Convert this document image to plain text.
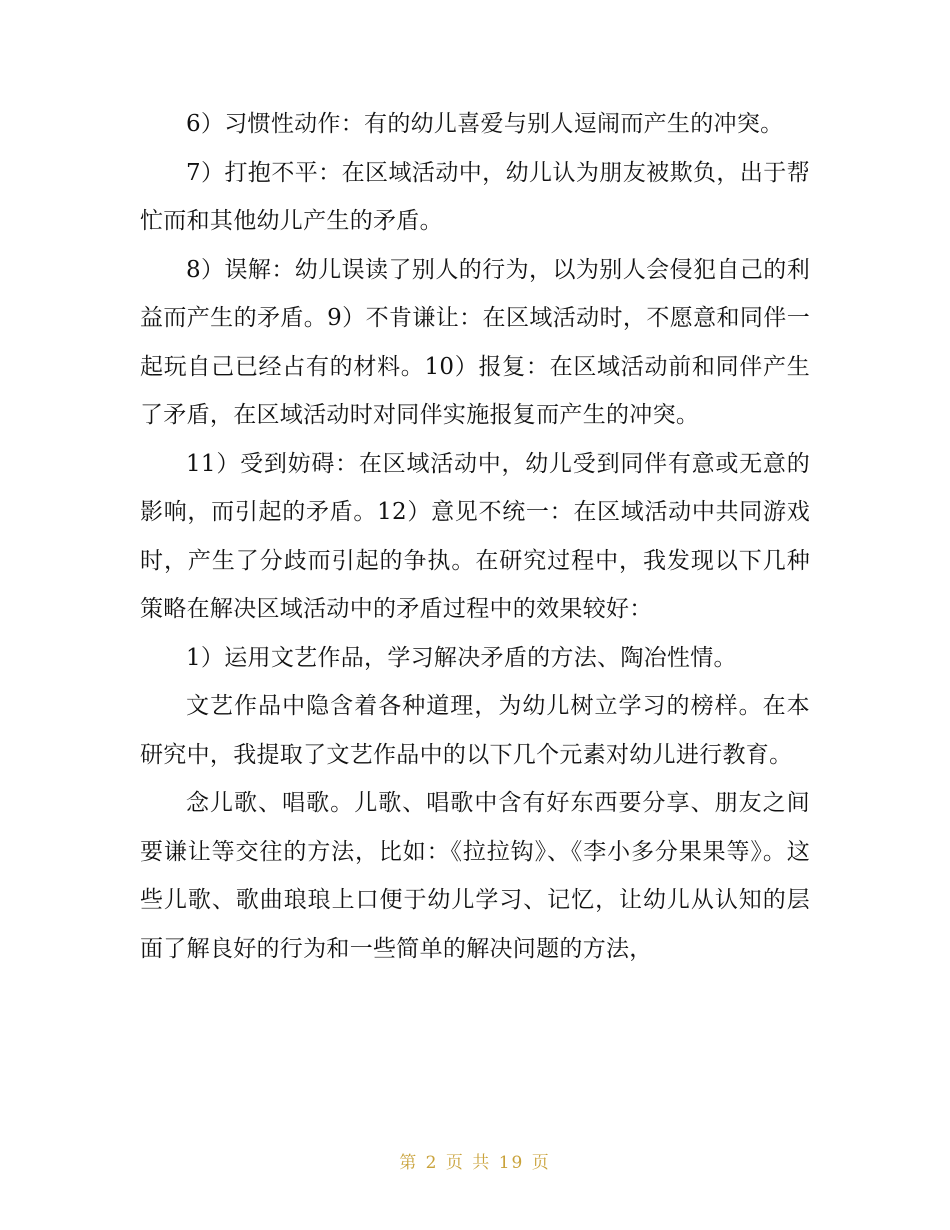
6）习惯性动作：有的幼儿喜爱与别人逗闹而产生的冲突。

7）打抱不平：在区域活动中，幼儿认为朋友被欺负，出于帮忙而和其他幼儿产生的矛盾。

8）误解：幼儿误读了别人的行为，以为别人会侵犯自己的利益而产生的矛盾。9）不肯谦让：在区域活动时，不愿意和同伴一起玩自己已经占有的材料。10）报复：在区域活动前和同伴产生了矛盾，在区域活动时对同伴实施报复而产生的冲突。

11）受到妨碍：在区域活动中，幼儿受到同伴有意或无意的影响，而引起的矛盾。12）意见不统一：在区域活动中共同游戏时，产生了分歧而引起的争执。在研究过程中，我发现以下几种策略在解决区域活动中的矛盾过程中的效果较好：

1）运用文艺作品，学习解决矛盾的方法、陶冶性情。

文艺作品中隐含着各种道理，为幼儿树立学习的榜样。在本研究中，我提取了文艺作品中的以下几个元素对幼儿进行教育。

念儿歌、唱歌。儿歌、唱歌中含有好东西要分享、朋友之间要谦让等交往的方法，比如：《拉拉钩》、《李小多分果果等》。这些儿歌、歌曲琅琅上口便于幼儿学习、记忆，让幼儿从认知的层面了解良好的行为和一些简单的解决问题的方法，

第 2 页 共 19 页
